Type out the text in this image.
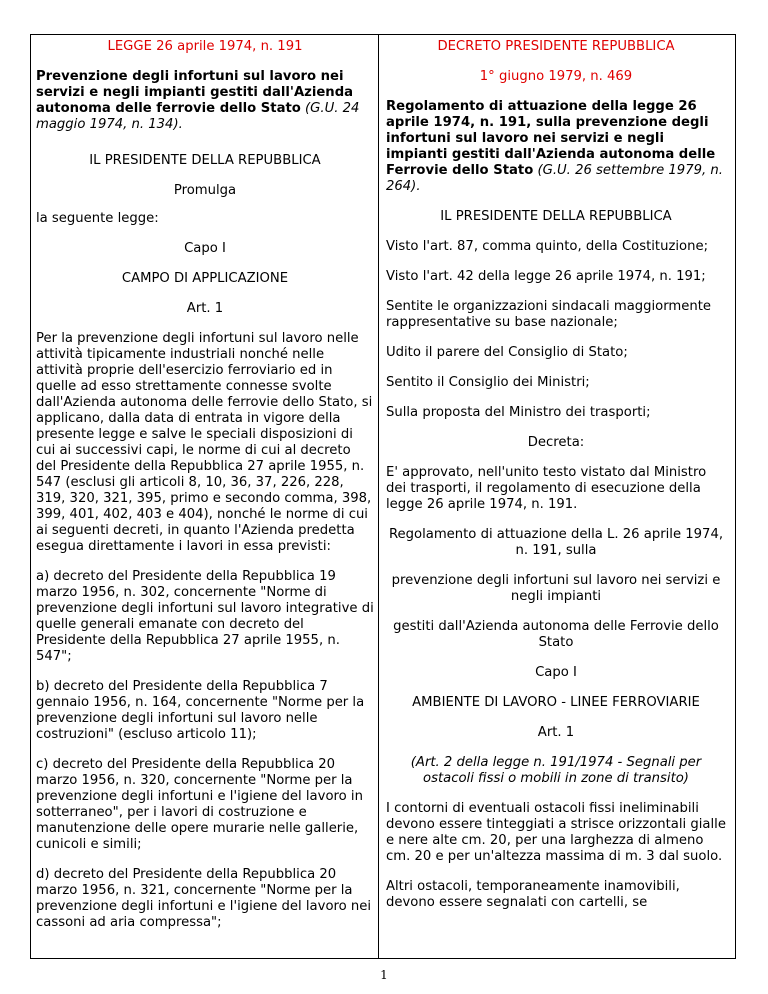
LEGGE 26 aprile 1974, n. 191

Prevenzione degli infortuni sul lavoro nei servizi e negli impianti gestiti dall'Azienda autonoma delle ferrovie dello Stato (G.U. 24 maggio 1974, n. 134).

IL PRESIDENTE DELLA REPUBBLICA

Promulga

la seguente legge:

Capo I

CAMPO DI APPLICAZIONE

Art. 1

Per la prevenzione degli infortuni sul lavoro nelle attività tipicamente industriali nonché nelle attività proprie dell'esercizio ferroviario ed in quelle ad esso strettamente connesse svolte dall'Azienda autonoma delle ferrovie dello Stato, si applicano, dalla data di entrata in vigore della presente legge e salve le speciali disposizioni di cui ai successivi capi, le norme di cui al decreto del Presidente della Repubblica 27 aprile 1955, n. 547 (esclusi gli articoli 8, 10, 36, 37, 226, 228, 319, 320, 321, 395, primo e secondo comma, 398, 399, 401, 402, 403 e 404), nonché le norme di cui ai seguenti decreti, in quanto l'Azienda predetta esegua direttamente i lavori in essa previsti:

a) decreto del Presidente della Repubblica 19 marzo 1956, n. 302, concernente "Norme di prevenzione degli infortuni sul lavoro integrative di quelle generali emanate con decreto del Presidente della Repubblica 27 aprile 1955, n. 547";

b) decreto del Presidente della Repubblica 7 gennaio 1956, n. 164, concernente "Norme per la prevenzione degli infortuni sul lavoro nelle costruzioni" (escluso articolo 11);

c) decreto del Presidente della Repubblica 20 marzo 1956, n. 320, concernente "Norme per la prevenzione degli infortuni e l'igiene del lavoro in sotterraneo", per i lavori di costruzione e manutenzione delle opere murarie nelle gallerie, cunicoli e simili;

d) decreto del Presidente della Repubblica 20 marzo 1956, n. 321, concernente "Norme per la prevenzione degli infortuni e l'igiene del lavoro nei cassoni ad aria compressa";

DECRETO PRESIDENTE REPUBBLICA

1° giugno 1979, n. 469

Regolamento di attuazione della legge 26 aprile 1974, n. 191, sulla prevenzione degli infortuni sul lavoro nei servizi e negli impianti gestiti dall'Azienda autonoma delle Ferrovie dello Stato (G.U. 26 settembre 1979, n. 264).

IL PRESIDENTE DELLA REPUBBLICA

Visto l'art. 87, comma quinto, della Costituzione;

Visto l'art. 42 della legge 26 aprile 1974, n. 191;

Sentite le organizzazioni sindacali maggiormente rappresentative su base nazionale;

Udito il parere del Consiglio di Stato;

Sentito il Consiglio dei Ministri;

Sulla proposta del Ministro dei trasporti;

Decreta:

E' approvato, nell'unito testo vistato dal Ministro dei trasporti, il regolamento di esecuzione della legge 26 aprile 1974, n. 191.

Regolamento di attuazione della L. 26 aprile 1974, n. 191, sulla

prevenzione degli infortuni sul lavoro nei servizi e negli impianti

gestiti dall'Azienda autonoma delle Ferrovie dello Stato

Capo I

AMBIENTE DI LAVORO - LINEE FERROVIARIE

Art. 1

(Art. 2 della legge n. 191/1974 - Segnali per ostacoli fissi o mobili in zone di transito)

I contorni di eventuali ostacoli fissi ineliminabili devono essere tinteggiati a strisce orizzontali gialle e nere alte cm. 20, per una larghezza di almeno cm. 20 e per un'altezza massima di m. 3 dal suolo.

Altri ostacoli, temporaneamente inamovibili, devono essere segnalati con cartelli, se

1
